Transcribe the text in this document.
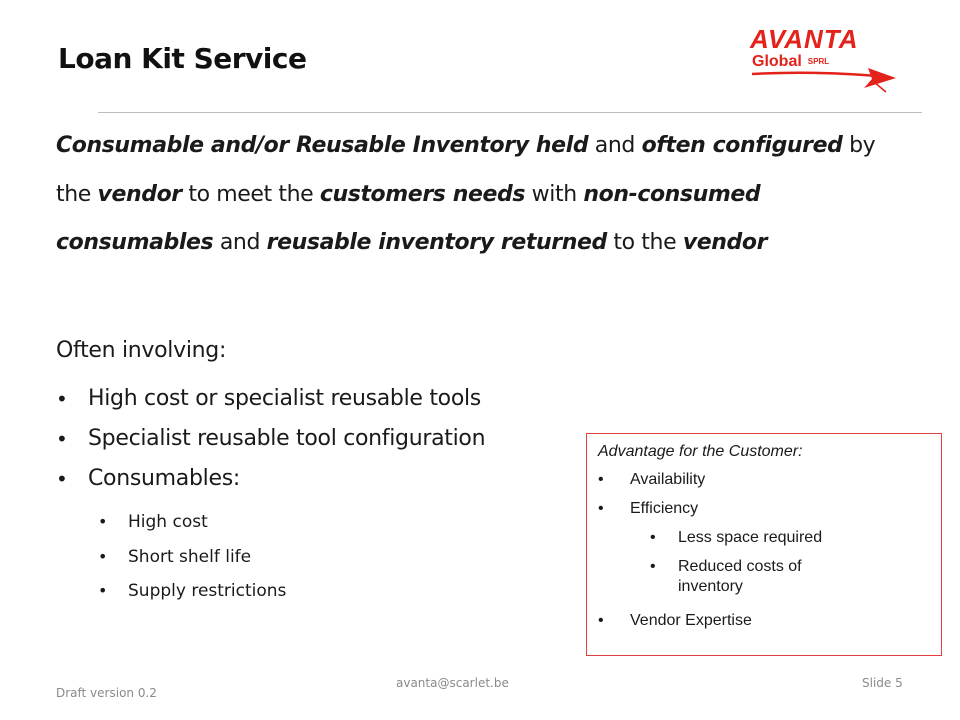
Loan Kit Service
AVANTA
Global SPRL
Consumable and/or Reusable Inventory held and often configured by the vendor to meet the customers needs with non-consumed consumables and reusable inventory returned to the vendor
Often involving:
• High cost or specialist reusable tools
• Specialist reusable tool configuration
• Consumables:
• High cost
• Short shelf life
• Supply restrictions
Advantage for the Customer:
• Availability
• Efficiency
• Less space required
• Reduced costs of inventory
• Vendor Expertise
Draft version 0.2
avanta@scarlet.be	Slide 5
